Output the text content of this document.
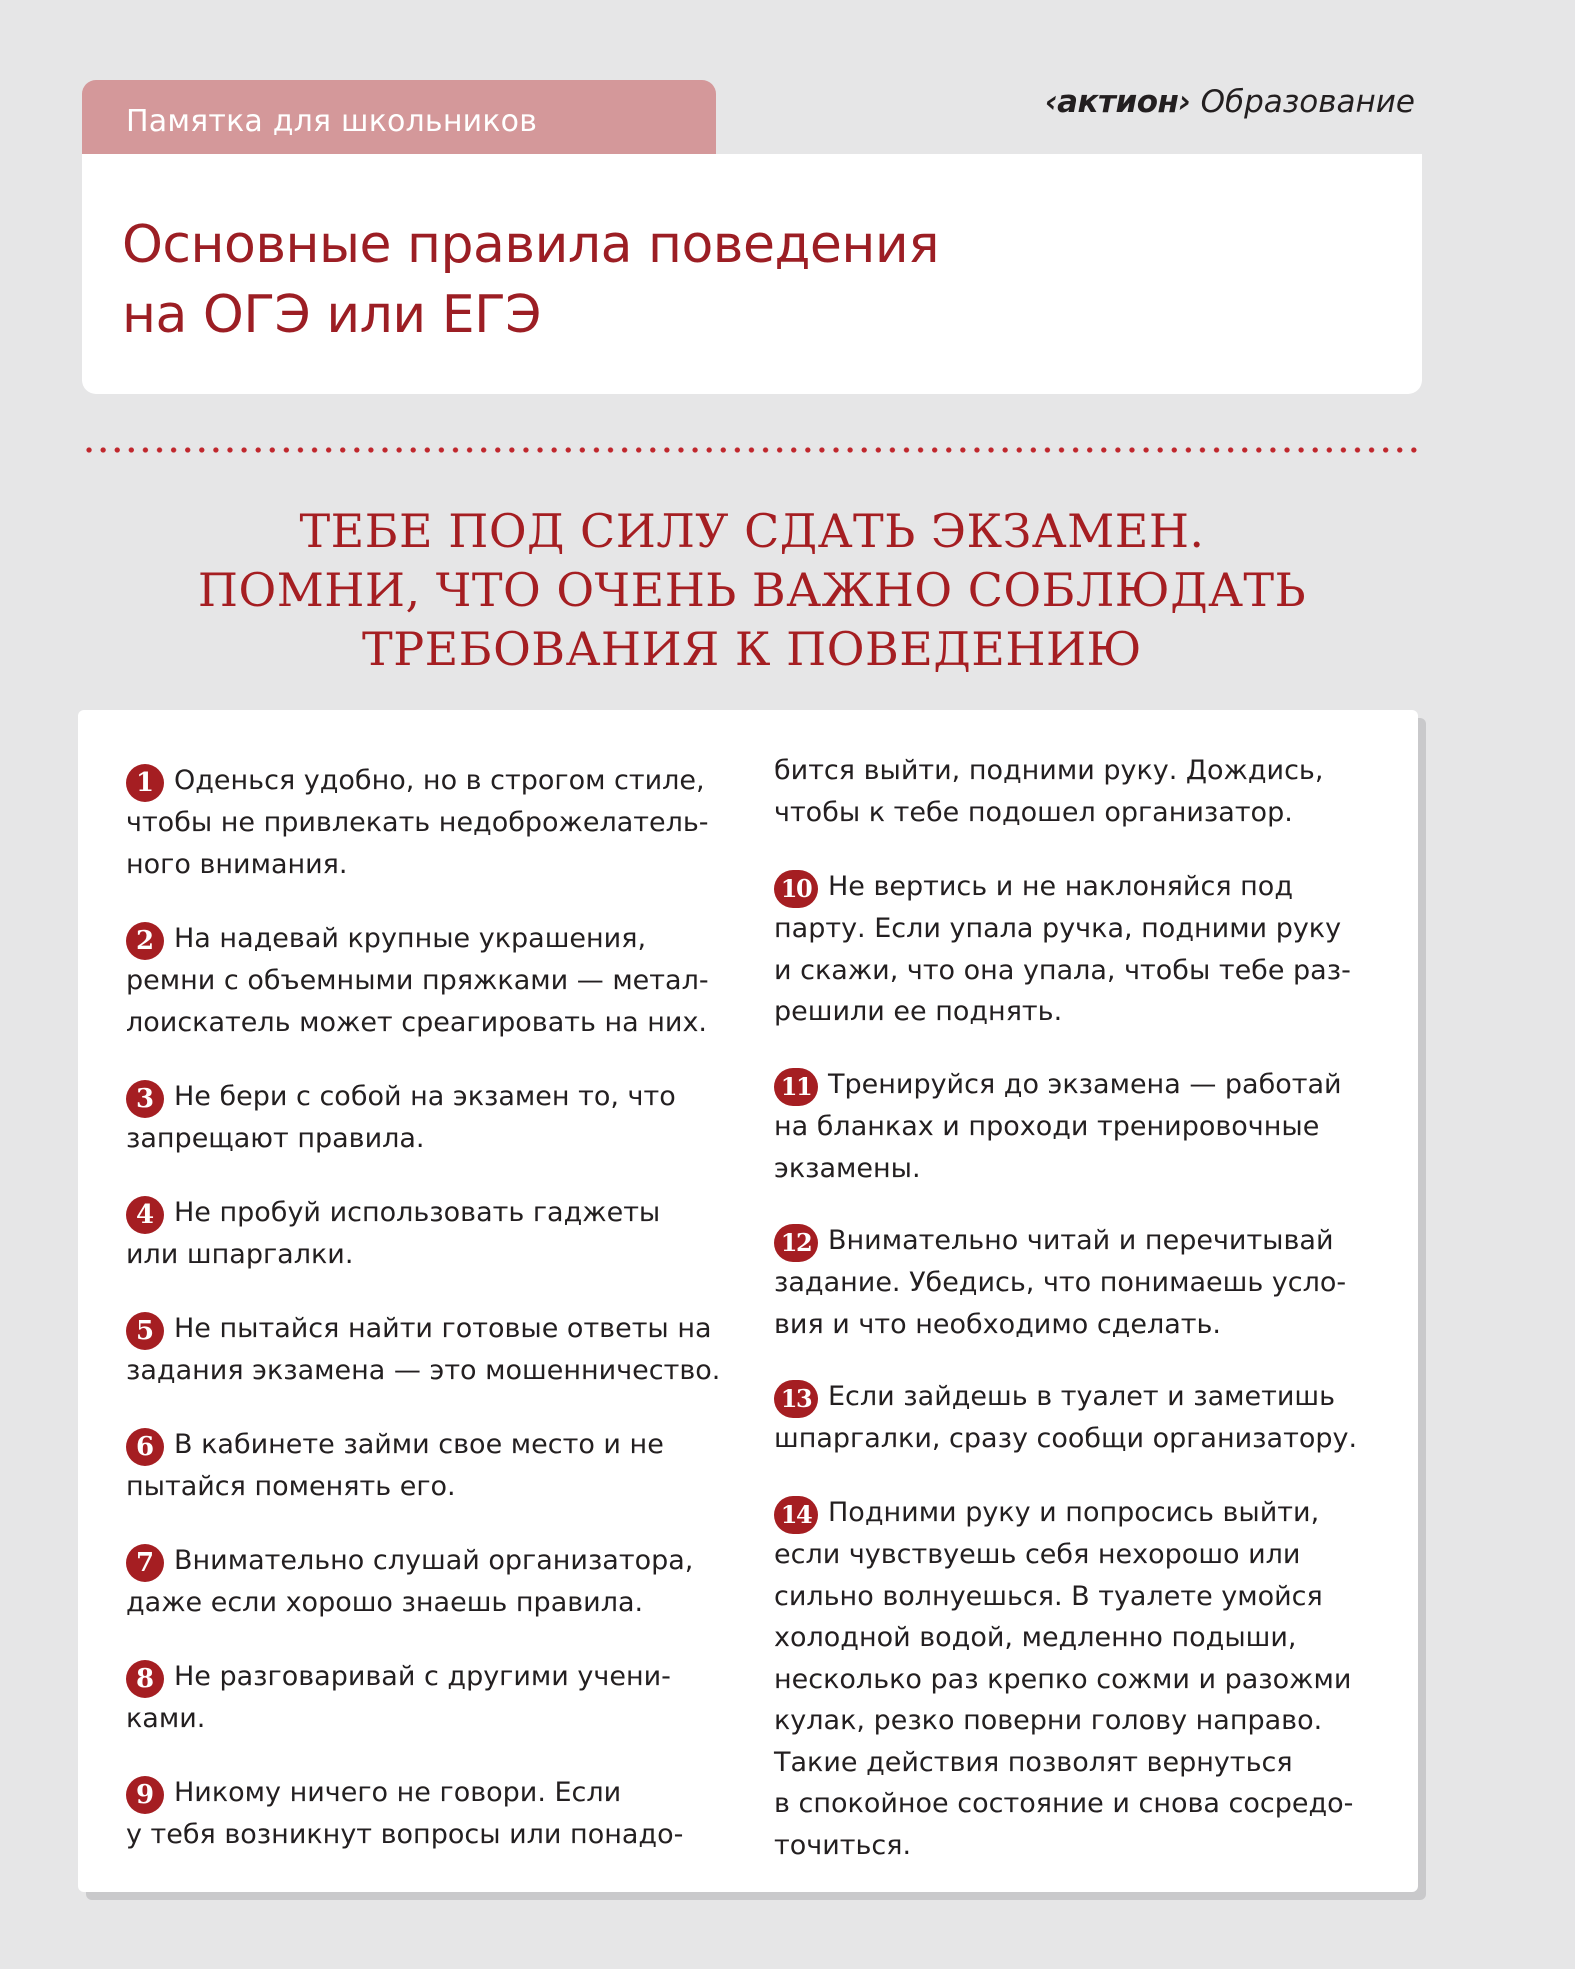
Памятка для школьников
‹актион› Образование
Основные правила поведения
на ОГЭ или ЕГЭ
ТЕБЕ ПОД СИЛУ СДАТЬ ЭКЗАМЕН.
ПОМНИ, ЧТО ОЧЕНЬ ВАЖНО СОБЛЮДАТЬ
ТРЕБОВАНИЯ К ПОВЕДЕНИЮ
1 Оденься удобно, но в строгом стиле,
чтобы не привлекать недоброжелатель-
ного внимания.
2 На надевай крупные украшения,
ремни с объемными пряжками — метал-
лоискатель может среагировать на них.
3 Не бери с собой на экзамен то, что
запрещают правила.
4 Не пробуй использовать гаджеты
или шпаргалки.
5 Не пытайся найти готовые ответы на
задания экзамена — это мошенничество.
6 В кабинете займи свое место и не
пытайся поменять его.
7 Внимательно слушай организатора,
даже если хорошо знаешь правила.
8 Не разговаривай с другими учени-
ками.
9 Никому ничего не говори. Если
у тебя возникнут вопросы или понадо-
бится выйти, подними руку. Дождись,
чтобы к тебе подошел организатор.
10 Не вертись и не наклоняйся под
парту. Если упала ручка, подними руку
и скажи, что она упала, чтобы тебе раз-
решили ее поднять.
11 Тренируйся до экзамена — работай
на бланках и проходи тренировочные
экзамены.
12 Внимательно читай и перечитывай
задание. Убедись, что понимаешь усло-
вия и что необходимо сделать.
13 Если зайдешь в туалет и заметишь
шпаргалки, сразу сообщи организатору.
14 Подними руку и попросись выйти,
если чувствуешь себя нехорошо или
сильно волнуешься. В туалете умойся
холодной водой, медленно подыши,
несколько раз крепко сожми и разожми
кулак, резко поверни голову направо.
Такие действия позволят вернуться
в спокойное состояние и снова сосредо-
точиться.
